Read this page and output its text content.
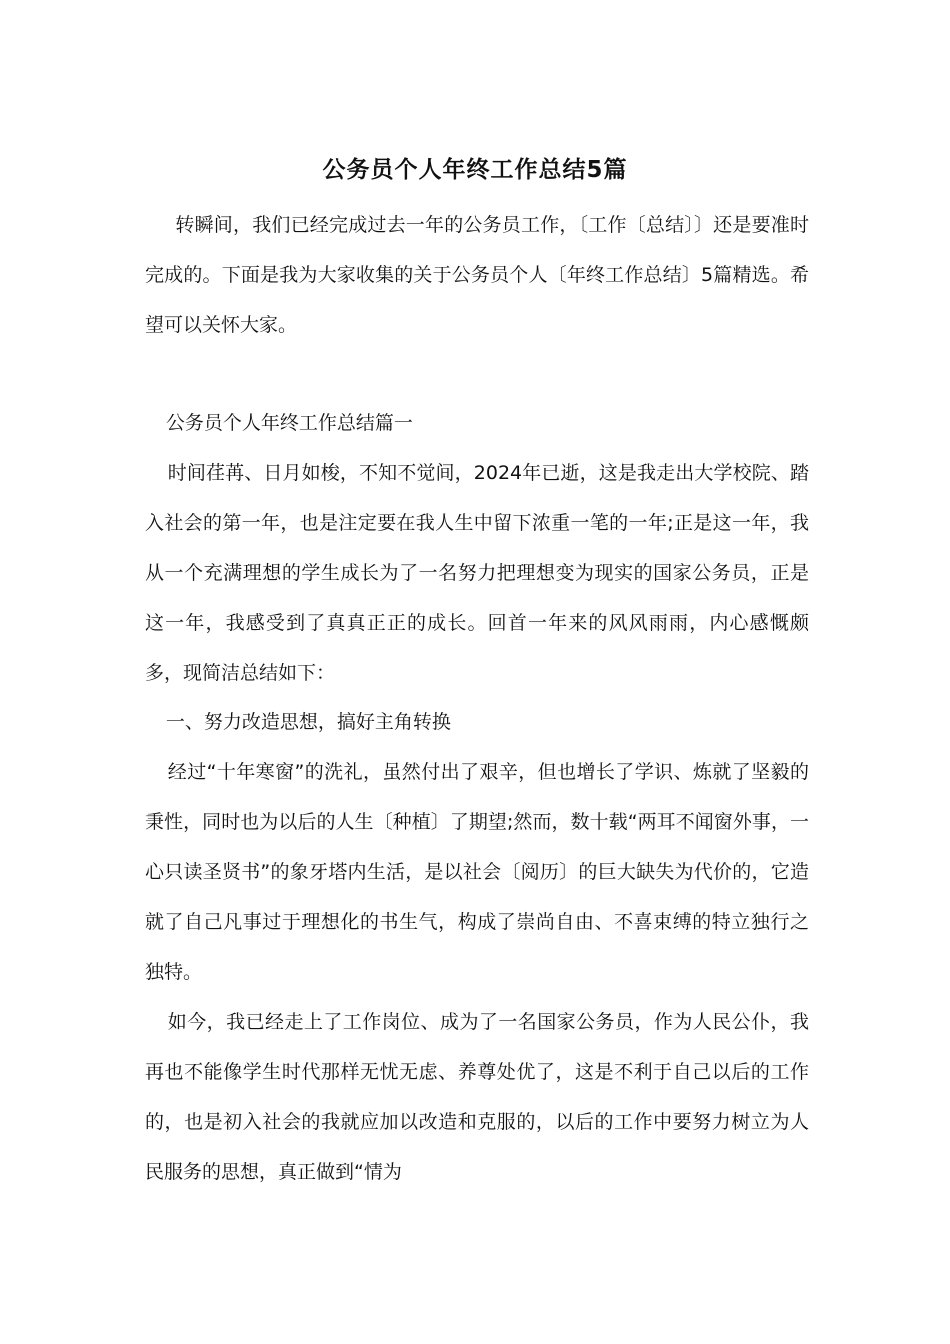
公务员个人年终工作总结5篇

转瞬间，我们已经完成过去一年的公务员工作，〔工作〔总结〕〕还是要准时完成的。下面是我为大家收集的关于公务员个人〔年终工作总结〕5篇精选。希望可以关怀大家。

公务员个人年终工作总结篇一

时间荏苒、日月如梭，不知不觉间，2024年已逝，这是我走出大学校院、踏入社会的第一年，也是注定要在我人生中留下浓重一笔的一年;正是这一年，我从一个充满理想的学生成长为了一名努力把理想变为现实的国家公务员，正是这一年，我感受到了真真正正的成长。回首一年来的风风雨雨，内心感慨颇多，现简洁总结如下：

一、努力改造思想，搞好主角转换

经过“十年寒窗”的洗礼，虽然付出了艰辛，但也增长了学识、炼就了坚毅的秉性，同时也为以后的人生〔种植〕了期望;然而，数十载“两耳不闻窗外事，一心只读圣贤书”的象牙塔内生活，是以社会〔阅历〕的巨大缺失为代价的，它造就了自己凡事过于理想化的书生气，构成了崇尚自由、不喜束缚的特立独行之独特。

如今，我已经走上了工作岗位、成为了一名国家公务员，作为人民公仆，我再也不能像学生时代那样无忧无虑、养尊处优了，这是不利于自己以后的工作的，也是初入社会的我就应加以改造和克服的，以后的工作中要努力树立为人民服务的思想，真正做到“情为
